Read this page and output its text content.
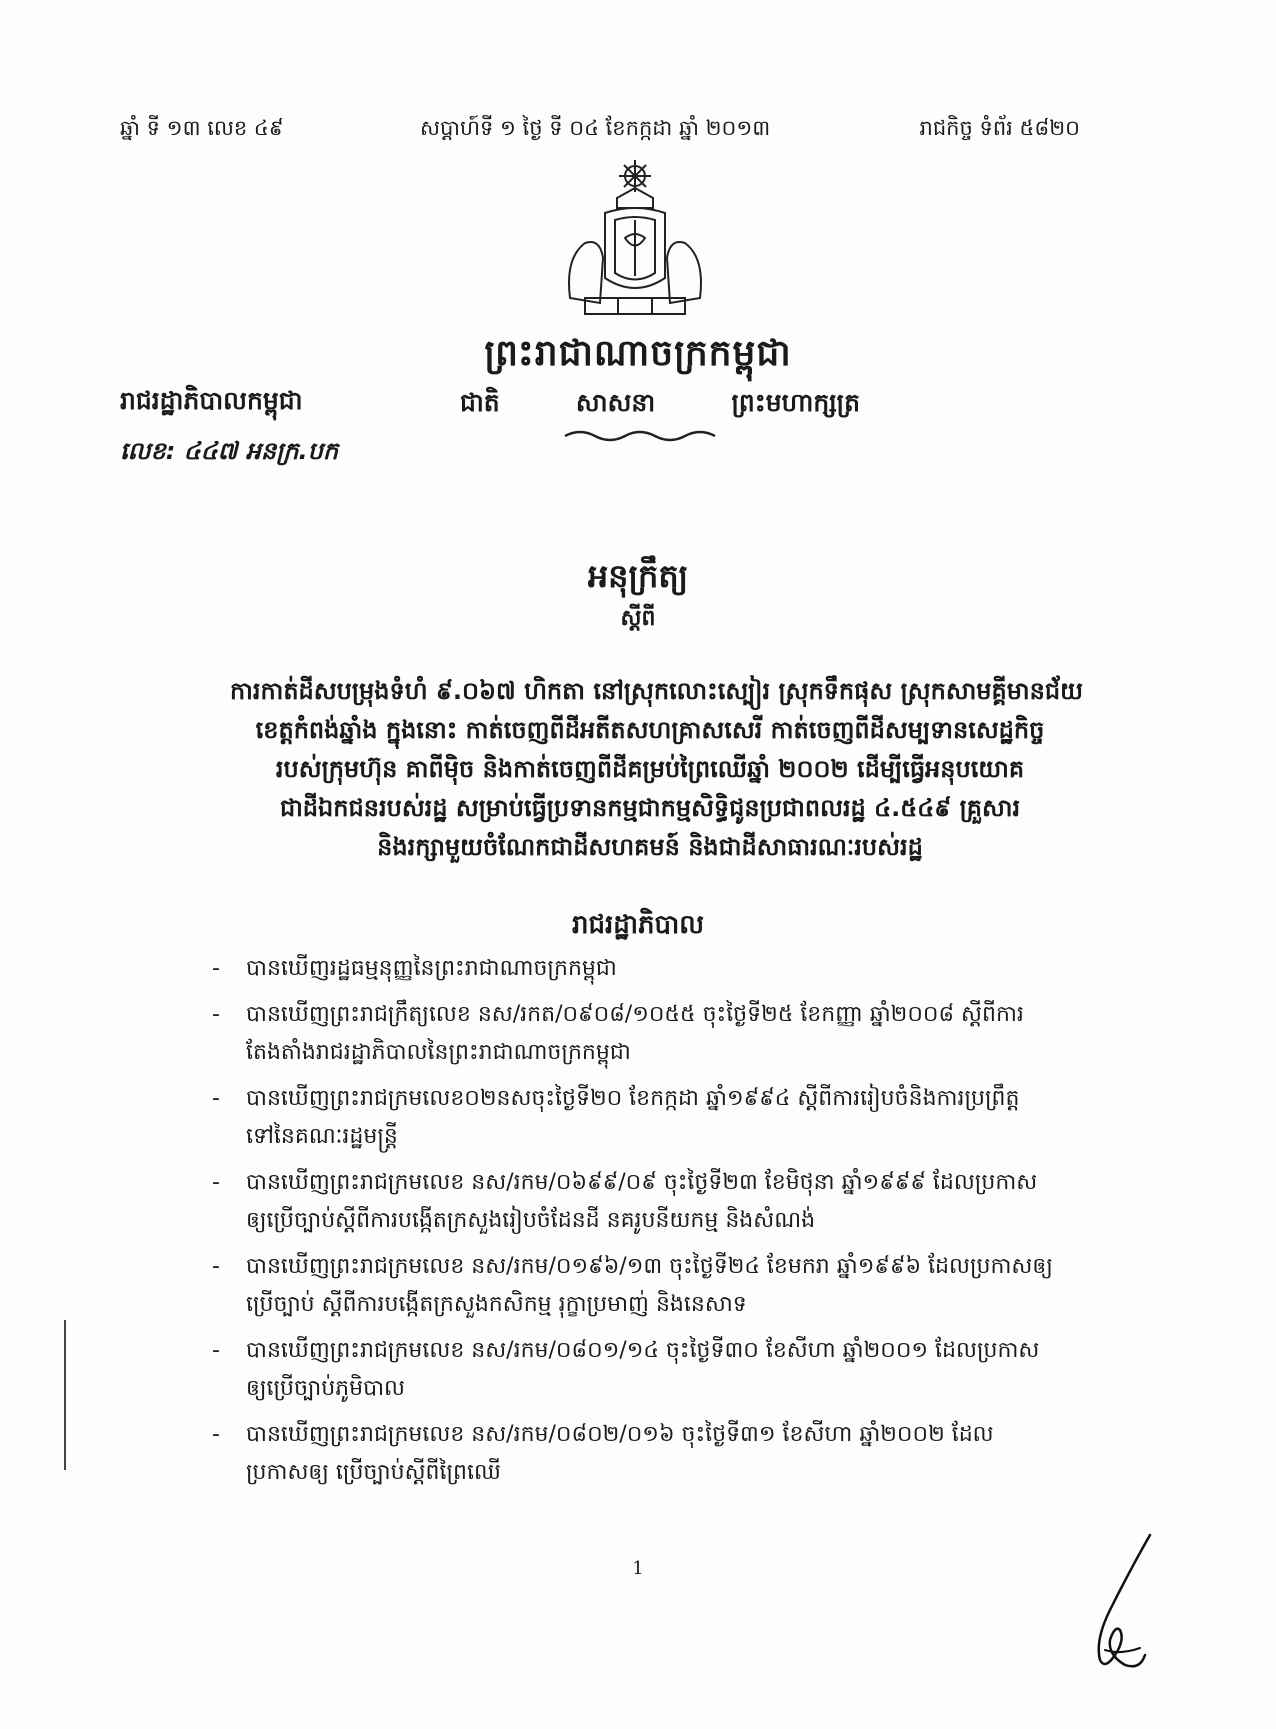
ឆ្នាំ ទី ១៣ លេខ ៤៩	សប្តាហ៍ទី ១ ថ្ងៃ ទី ០៤ ខែកក្កដា ឆ្នាំ ២០១៣	រាជកិច្ច ទំព័រ ៥៨២០
ព្រះរាជាណាចក្រកម្ពុជា
រាជរដ្ឋាភិបាលកម្ពុជា	ជាតិ	សាសនា	ព្រះមហាក្សត្រ
លេខ: ៤៤៧ អនក្រ.បក
អនុក្រឹត្យ
ស្តីពី
ការកាត់ដីសបម្រុងទំហំ ៩.០៦៧ ហិកតា នៅស្រុកលោះស្បៀរ ស្រុកទឹកផុស ស្រុកសាមគ្គីមានជ័យ
ខេត្តកំពង់ឆ្នាំង ក្នុងនោះ កាត់ចេញពីដីអតីតសហគ្រាសសេរី កាត់ចេញពីដីសម្បទានសេដ្ឋកិច្ច
របស់ក្រុមហ៊ុន គាពីម៉ិច និងកាត់ចេញពីដីគម្រប់ព្រៃឈើឆ្នាំ ២០០២ ដើម្បីធ្វើអនុបយោគ
ជាដីឯកជនរបស់រដ្ឋ សម្រាប់ធ្វើប្រទានកម្មជាកម្មសិទ្ធិជូនប្រជាពលរដ្ឋ ៤.៥៤៩ គ្រួសារ
និងរក្សាមួយចំណែកជាដីសហគមន៍ និងជាដីសាធារណៈរបស់រដ្ឋ
រាជរដ្ឋាភិបាល
- បានឃើញរដ្ឋធម្មនុញ្ញនៃព្រះរាជាណាចក្រកម្ពុជា
- បានឃើញព្រះរាជក្រឹត្យលេខ នស/រកត/០៩០៨/១០៥៥ ចុះថ្ងៃទី២៥ ខែកញ្ញា ឆ្នាំ២០០៨ ស្តីពីការ
តែងតាំងរាជរដ្ឋាភិបាលនៃព្រះរាជាណាចក្រកម្ពុជា
- បានឃើញព្រះរាជក្រមលេខ០២នសចុះថ្ងៃទី២០ ខែកក្កដា ឆ្នាំ១៩៩៤ ស្តីពីការរៀបចំនិងការប្រព្រឹត្ត
ទៅនៃគណៈរដ្ឋមន្ត្រី
- បានឃើញព្រះរាជក្រមលេខ នស/រកម/០៦៩៩/០៩ ចុះថ្ងៃទី២៣ ខែមិថុនា ឆ្នាំ១៩៩៩ ដែលប្រកាស
ឲ្យប្រើច្បាប់ស្តីពីការបង្កើតក្រសួងរៀបចំដែនដី នគរូបនីយកម្ម និងសំណង់
- បានឃើញព្រះរាជក្រមលេខ នស/រកម/០១៩៦/១៣ ចុះថ្ងៃទី២៤ ខែមករា ឆ្នាំ១៩៩៦ ដែលប្រកាសឲ្យ
ប្រើច្បាប់ ស្តីពីការបង្កើតក្រសួងកសិកម្ម រុក្ខាប្រមាញ់ និងនេសាទ
- បានឃើញព្រះរាជក្រមលេខ នស/រកម/០៨០១/១៤ ចុះថ្ងៃទី៣០ ខែសីហា ឆ្នាំ២០០១ ដែលប្រកាស
ឲ្យប្រើច្បាប់ភូមិបាល
- បានឃើញព្រះរាជក្រមលេខ នស/រកម/០៨០២/០១៦ ចុះថ្ងៃទី៣១ ខែសីហា ឆ្នាំ២០០២ ដែល
ប្រកាសឲ្យ ប្រើច្បាប់ស្តីពីព្រៃឈើ
1
